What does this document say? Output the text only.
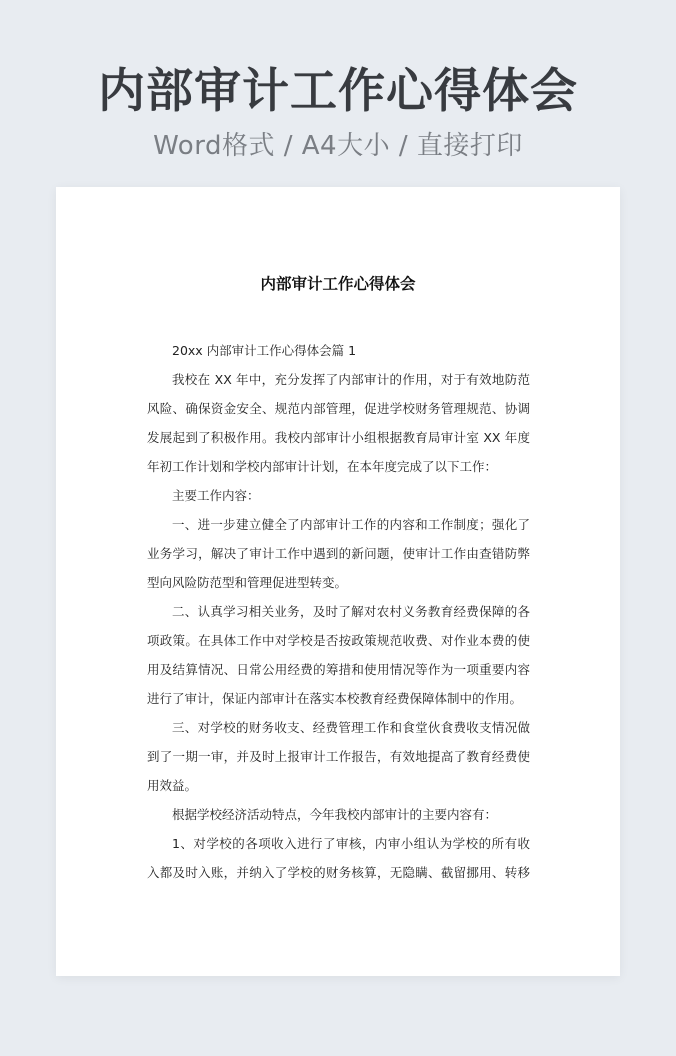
内部审计工作心得体会
Word格式 / A4大小 / 直接打印
内部审计工作心得体会
20xx 内部审计工作心得体会篇 1
我校在 XX 年中，充分发挥了内部审计的作用，对于有效地防范
风险、确保资金安全、规范内部管理，促进学校财务管理规范、协调
发展起到了积极作用。我校内部审计小组根据教育局审计室 XX 年度
年初工作计划和学校内部审计计划，在本年度完成了以下工作：
主要工作内容：
一、进一步建立健全了内部审计工作的内容和工作制度；强化了
业务学习，解决了审计工作中遇到的新问题，使审计工作由查错防弊
型向风险防范型和管理促进型转变。
二、认真学习相关业务，及时了解对农村义务教育经费保障的各
项政策。在具体工作中对学校是否按政策规范收费、对作业本费的使
用及结算情况、日常公用经费的筹措和使用情况等作为一项重要内容
进行了审计，保证内部审计在落实本校教育经费保障体制中的作用。
三、对学校的财务收支、经费管理工作和食堂伙食费收支情况做
到了一期一审，并及时上报审计工作报告，有效地提高了教育经费使
用效益。
根据学校经济活动特点，今年我校内部审计的主要内容有：
1、对学校的各项收入进行了审核，内审小组认为学校的所有收
入都及时入账，并纳入了学校的财务核算，无隐瞒、截留挪用、转移
